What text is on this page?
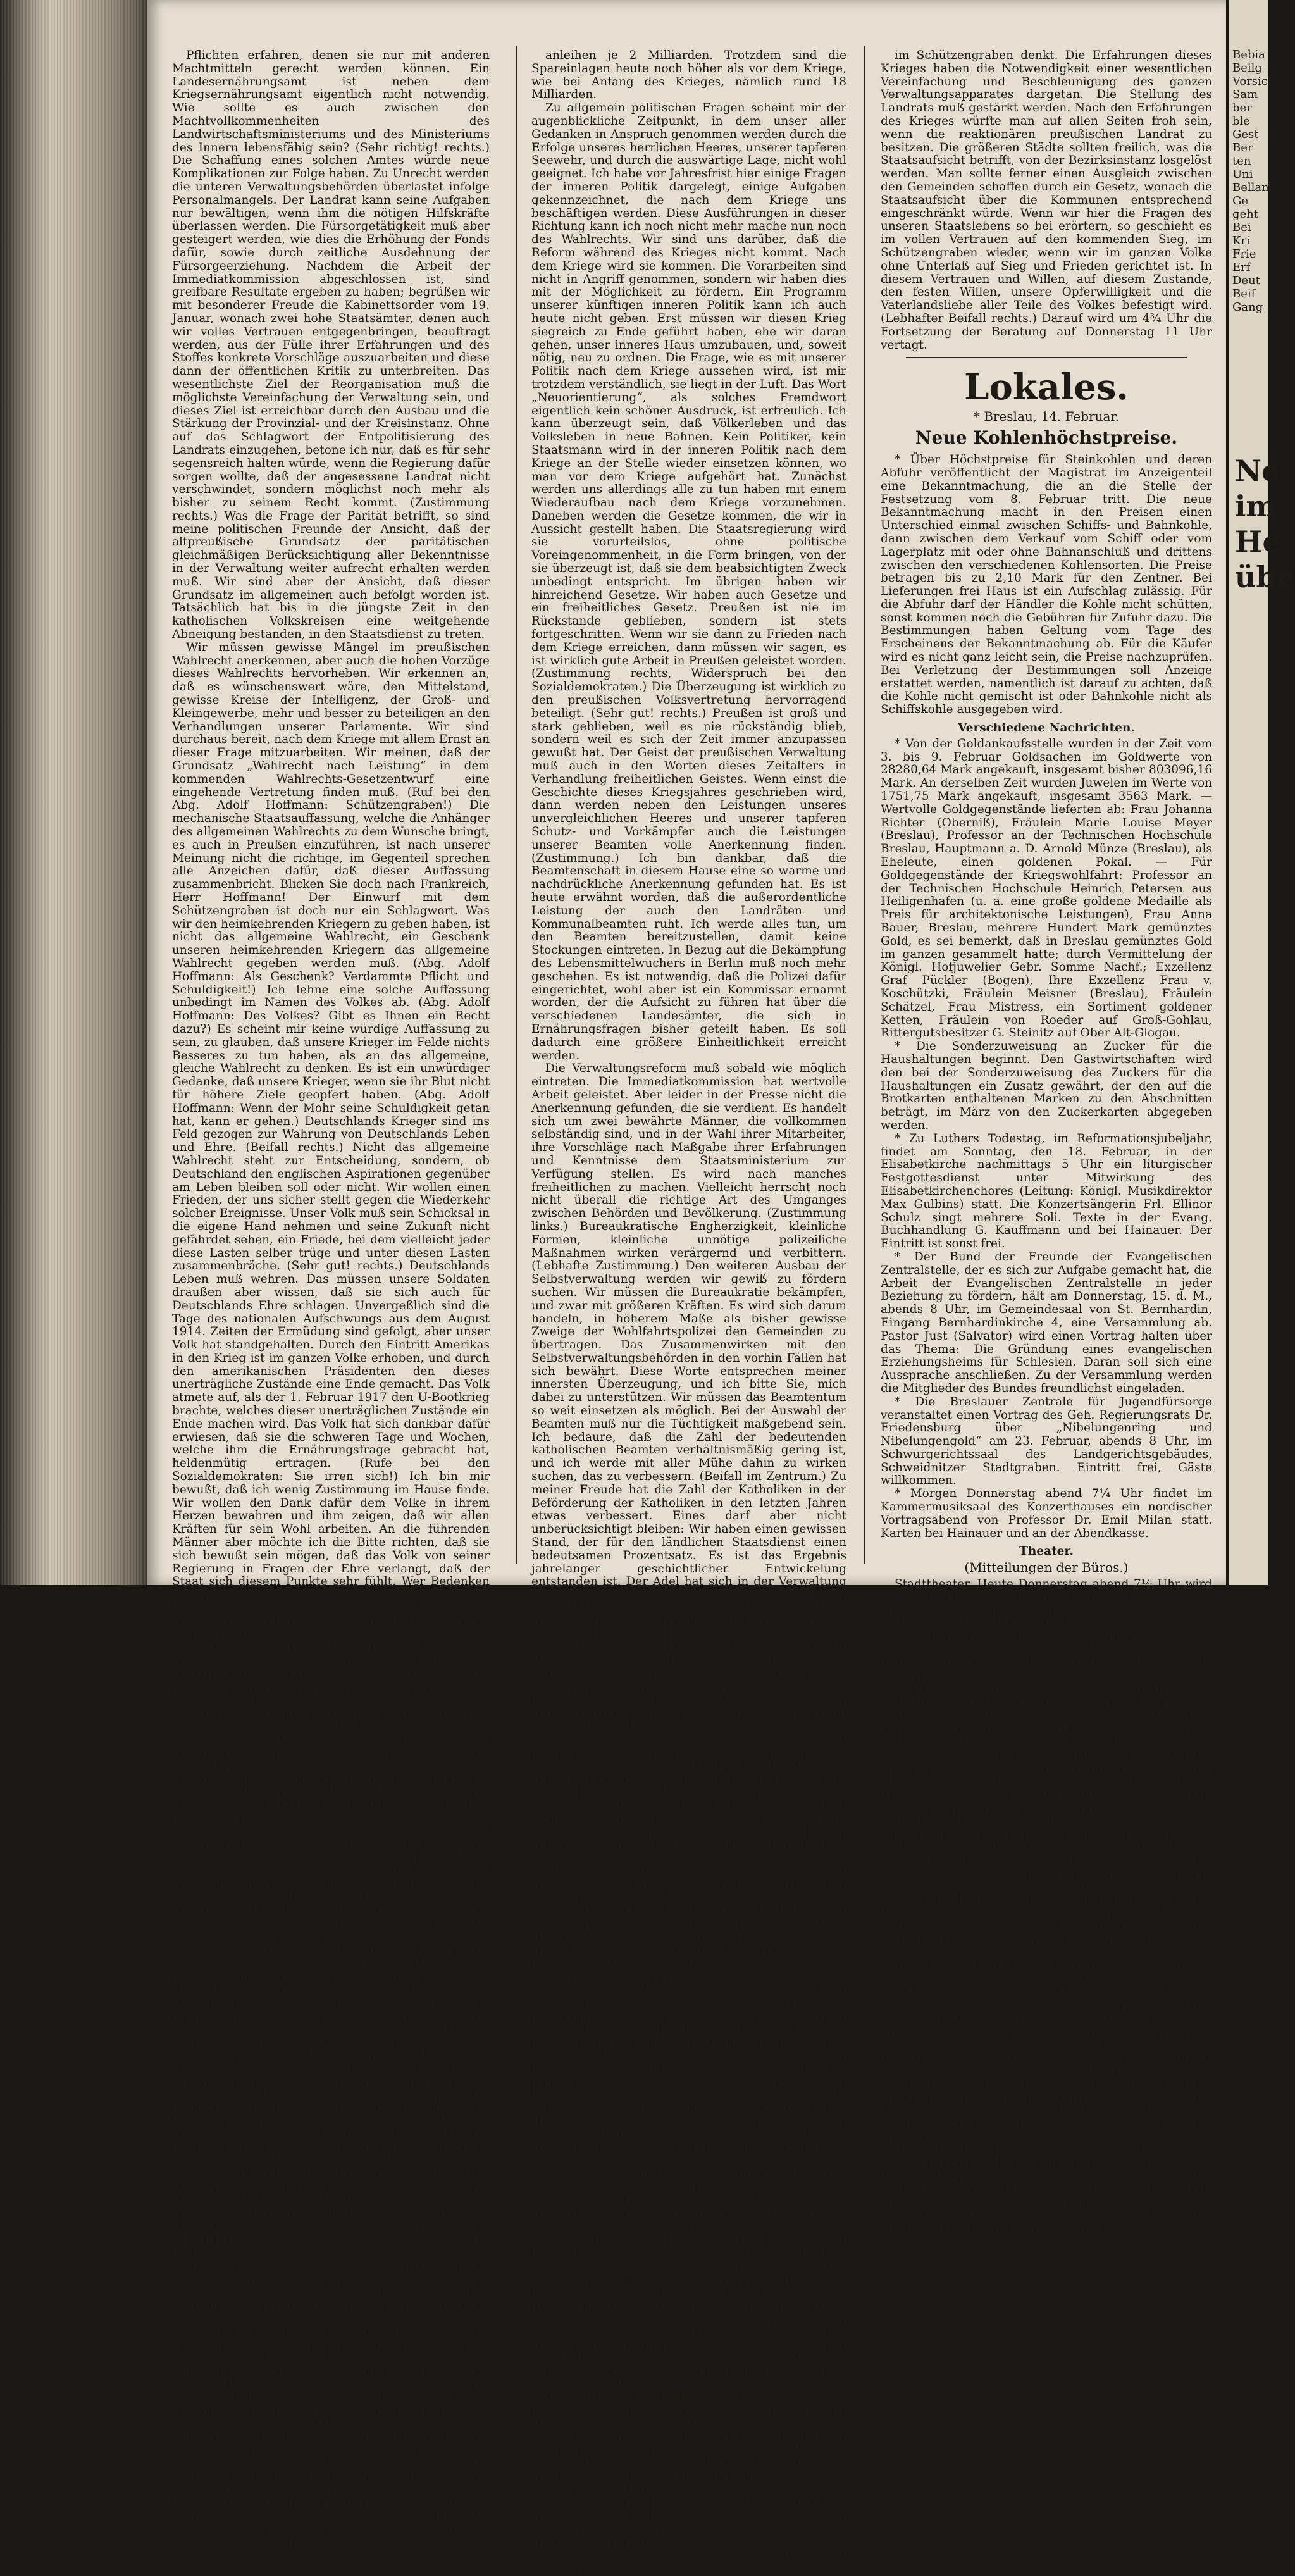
Pflichten erfahren, denen sie nur mit anderen Machtmitteln gerecht werden können. Ein Landesernährungsamt ist neben dem Kriegsernährungsamt eigentlich nicht notwendig. Wie sollte es auch zwischen den Machtvollkommenheiten des Landwirtschaftsministeriums und des Ministeriums des Innern lebensfähig sein? (Sehr richtig! rechts.) Die Schaffung eines solchen Amtes würde neue Komplikationen zur Folge haben. Zu Unrecht werden die unteren Verwaltungsbehörden überlastet infolge Personalmangels. Der Landrat kann seine Aufgaben nur bewältigen, wenn ihm die nötigen Hilfskräfte überlassen werden. Die Fürsorgetätigkeit muß aber gesteigert werden, wie dies die Erhöhung der Fonds dafür, sowie durch zeitliche Ausdehnung der Fürsorgeerziehung. Nachdem die Arbeit der Immediatkommission abgeschlossen ist, sind greifbare Resultate ergeben zu haben; begrüßen wir mit besonderer Freude die Kabinettsorder vom 19. Januar, wonach zwei hohe Staatsämter, denen auch wir volles Vertrauen entgegenbringen, beauftragt werden, aus der Fülle ihrer Erfahrungen und des Stoffes konkrete Vorschläge auszuarbeiten und diese dann der öffentlichen Kritik zu unterbreiten. Das wesentlichste Ziel der Reorganisation muß die möglichste Vereinfachung der Verwaltung sein, und dieses Ziel ist erreichbar durch den Ausbau und die Stärkung der Provinzial- und der Kreisinstanz. Ohne auf das Schlagwort der Entpolitisierung des Landrats einzugehen, betone ich nur, daß es für sehr segensreich halten würde, wenn die Regierung dafür sorgen wollte, daß der angesessene Landrat nicht verschwindet, sondern möglichst noch mehr als bisher zu seinem Recht kommt. (Zustimmung rechts.) Was die Frage der Parität betrifft, so sind meine politischen Freunde der Ansicht, daß der altpreußische Grundsatz der paritätischen gleichmäßigen Berücksichtigung aller Bekenntnisse in der Verwaltung weiter aufrecht erhalten werden muß. Wir sind aber der Ansicht, daß dieser Grundsatz im allgemeinen auch befolgt worden ist. Tatsächlich hat bis in die jüngste Zeit in den katholischen Volkskreisen eine weitgehende Abneigung bestanden, in den Staatsdienst zu treten.

Wir müssen gewisse Mängel im preußischen Wahlrecht anerkennen, aber auch die hohen Vorzüge dieses Wahlrechts hervorheben. Wir erkennen an, daß es wünschenswert wäre, den Mittelstand, gewisse Kreise der Intelligenz, der Groß- und Kleingewerbe, mehr und besser zu beteiligen an den Verhandlungen unserer Parlamente. Wir sind durchaus bereit, nach dem Kriege mit allem Ernst an dieser Frage mitzuarbeiten. Wir meinen, daß der Grundsatz „Wahlrecht nach Leistung“ in dem kommenden Wahlrechts-Gesetzentwurf eine eingehende Vertretung finden muß. (Ruf bei den Abg. Adolf Hoffmann: Schützengraben!) Die mechanische Staatsauffassung, welche die Anhänger des allgemeinen Wahlrechts zu dem Wunsche bringt, es auch in Preußen einzuführen, ist nach unserer Meinung nicht die richtige, im Gegenteil sprechen alle Anzeichen dafür, daß dieser Auffassung zusammenbricht. Blicken Sie doch nach Frankreich, Herr Hoffmann! Der Einwurf mit dem Schützengraben ist doch nur ein Schlagwort. Was wir den heimkehrenden Kriegern zu geben haben, ist nicht das allgemeine Wahlrecht, ein Geschenk unseren heimkehrenden Kriegern das allgemeine Wahlrecht gegeben werden muß. (Abg. Adolf Hoffmann: Als Geschenk? Verdammte Pflicht und Schuldigkeit!) Ich lehne eine solche Auffassung unbedingt im Namen des Volkes ab. (Abg. Adolf Hoffmann: Des Volkes? Gibt es Ihnen ein Recht dazu?) Es scheint mir keine würdige Auffassung zu sein, zu glauben, daß unsere Krieger im Felde nichts Besseres zu tun haben, als an das allgemeine, gleiche Wahlrecht zu denken. Es ist ein unwürdiger Gedanke, daß unsere Krieger, wenn sie ihr Blut nicht für höhere Ziele geopfert haben. (Abg. Adolf Hoffmann: Wenn der Mohr seine Schuldigkeit getan hat, kann er gehen.) Deutschlands Krieger sind ins Feld gezogen zur Wahrung von Deutschlands Leben und Ehre. (Beifall rechts.) Nicht das allgemeine Wahlrecht steht zur Entscheidung, sondern, ob Deutschland den englischen Aspirationen gegenüber am Leben bleiben soll oder nicht. Wir wollen einen Frieden, der uns sicher stellt gegen die Wiederkehr solcher Ereignisse. Unser Volk muß sein Schicksal in die eigene Hand nehmen und seine Zukunft nicht gefährdet sehen, ein Friede, bei dem vielleicht jeder diese Lasten selber trüge und unter diesen Lasten zusammenbräche. (Sehr gut! rechts.) Deutschlands Leben muß wehren. Das müssen unsere Soldaten draußen aber wissen, daß sie sich auch für Deutschlands Ehre schlagen. Unvergeßlich sind die Tage des nationalen Aufschwungs aus dem August 1914. Zeiten der Ermüdung sind gefolgt, aber unser Volk hat standgehalten. Durch den Eintritt Amerikas in den Krieg ist im ganzen Volke erhoben, und durch den amerikanischen Präsidenten den dieses unerträgliche Zustände eine Ende gemacht. Das Volk atmete auf, als der 1. Februar 1917 den U-Bootkrieg brachte, welches dieser unerträglichen Zustände ein Ende machen wird. Das Volk hat sich dankbar dafür erwiesen, daß sie die schweren Tage und Wochen, welche ihm die Ernährungsfrage gebracht hat, heldenmütig ertragen. (Rufe bei den Sozialdemokraten: Sie irren sich!) Ich bin mir bewußt, daß ich wenig Zustimmung im Hause finde. Wir wollen den Dank dafür dem Volke in ihrem Herzen bewahren und ihm zeigen, daß wir allen Kräften für sein Wohl arbeiten. An die führenden Männer aber möchte ich die Bitte richten, daß sie sich bewußt sein mögen, daß das Volk von seiner Regierung in Fragen der Ehre verlangt, daß der Staat sich diesem Punkte sehr fühlt. Wer Bedenken hat gegen einen Staatsmann, der den höchsten Begriffen von deutscher und preußischer Ehre in den gegenwärtigen Streitfragen nicht Rechnung trägt. Heil dem Staatsmann, der bereit ist, über die Schwierigkeiten der Stunde hinaus mit festem, unbeirrbarem Griff das Nötige zu tun, um Preußens und Deutschlands Ehre zu wahren, und mit aller Energie dem Volke den Sieg zu bringen, er wird Vertrauen haben und an allen Opfern Anspruch haben. Der Staatsmann, der dies gelingt, wird auch das größte Gut erwerben, das der Staat zu vergeben hat: das Vertrauen des Volkes. Vertrauen kann nicht in einem Augenblick erzeugt werden. Wenn den berechtigten Anforderungen des Volkes Rechnung getragen wird in der entscheidenden Stunde, der wird stets Vertrauen und wird Deutschland einer glücklichen Zukunft entgegenführen. (Lebhafter Beifall rechts.)

Minister des Innern von Loebell: Die Kriegsarbeit ist getragen von der zwingenden Notwendigkeit, daß jeder an seinem Teil mit dazu beitrage, diesen Krieg zu einem unserer Wohlfahrt und Sicherheit gewährleistenden Abschluß zu bringen. Es waren manche einschneidende Anordnungen notwendig, die die persönliche Freiheit vielfach beschränken. Wir haben dabei natürlich nach Möglichkeit den Verhältnissen der Erwerbstände Rechnung getragen. Auch jetzt sind wiederum neue Anordnungen notwendig geworden mit Rücksicht auf die Erschwerung der Kohlennot. Nachdem solche Maßnahmen immer in weiteren Kreisen sie unvermeidlich waren. Für das Theater- und Kinowesen sind einschneidende Zensurbestimmungen erlassen. Die dabei befolgten Grundsätze haben sich bewährt. Doch ist Theaterzensur ein wirkt hat, ein wirkt hat, ist die große Zahl der in Berlin verbotenen Stücke. Gegen das Plakatunwesen ist mit Erfolg eingeschritten worden. Sollte es auf dem Wege der Reichsgesetzgebung nicht gelingen, die Kino-Unternehmungen der Konzessionspflicht zu unterwerfen, so wird man den Weg der Reichsverordnung oder durch Polizeiverordnung oder durch Landesgesetz einschreiten können. Was das Berliner Leben anbetrifft, so hat man vielfach in der Kommission darüber geklagt, daß die Auswüchse unter der Berliner Bevölkerung in der Presse stark übertrieben sind. Die Berliner Bevölkerung hat sich dem Ernste der Zeit in ihrem Verhalten würdig angepaßt. Wir können die Auswüchse nicht der Berliner Bevölkerung zur Last legen, sondern vielfach den dielen Fremden, die sich in Berlin aufhalten. Durch Verordnung des Bundesrats ist ein allgemeiner Zusammenbruch des Hausbesitzes verhindert worden. Die Bundesratsverordnung, welche vor dem Kriege erlassen worden ist, hat sich bewährt. Der Richter wird es unter allen Umständen erhalten. Das Mietseinigungsamt muß, wenn sie notwendig sind, eine Stundung aussprechen. Es empfiehlt sich diese Gesetz befristet zu erlassen. Was die Hypothekennot angeht, so haben wir es hier zu tun mit Personen, die nicht durch das Gesetz geschützt sind; diese müssen wir durch Kredit zu helfen suchen; Realkredits lassen mir nach Kräften angelegen sein. Man hat darüber beklagt, daß die Mieteeinnahmen der Gemeinden abhängig gemacht worden sind von dem Mietsnachlaß der Grundbesitzer. Ich glaube nicht, daß in den Gemeinden nicht auf diesem Wege vor dieser Forderung Abstand genommen wird. Auf unsere Sparkassen können wir stolz sein: 8,7 Milliarden haben sie für die Kriegsanleihen gezeichnet, für die beiden letzten Kriegs-

anleihen je 2 Milliarden. Trotzdem sind die Spareinlagen heute noch höher als vor dem Kriege, wie bei Anfang des Krieges, nämlich rund 18 Milliarden.

Zu allgemein politischen Fragen scheint mir der augenblickliche Zeitpunkt, in dem unser aller Gedanken in Anspruch genommen werden durch die Erfolge unseres herrlichen Heeres, unserer tapferen Seewehr, und durch die auswärtige Lage, nicht wohl geeignet. Ich habe vor Jahresfrist hier einige Fragen der inneren Politik dargelegt, einige Aufgaben gekennzeichnet, die nach dem Kriege uns beschäftigen werden. Diese Ausführungen in dieser Richtung kann ich noch nicht mehr mache nun noch des Wahlrechts. Wir sind uns darüber, daß die Reform während des Krieges nicht kommt. Nach dem Kriege wird sie kommen. Die Vorarbeiten sind nicht in Angriff genommen, sondern wir haben dies mit der Möglichkeit zu fördern. Ein Programm unserer künftigen inneren Politik kann ich auch heute nicht geben. Erst müssen wir diesen Krieg siegreich zu Ende geführt haben, ehe wir daran gehen, unser inneres Haus umzubauen, und, soweit nötig, neu zu ordnen. Die Frage, wie es mit unserer Politik nach dem Kriege aussehen wird, ist mir trotzdem verständlich, sie liegt in der Luft. Das Wort „Neuorientierung“, als solches Fremdwort eigentlich kein schöner Ausdruck, ist erfreulich. Ich kann überzeugt sein, daß Völkerleben und das Volksleben in neue Bahnen. Kein Politiker, kein Staatsmann wird in der inneren Politik nach dem Kriege an der Stelle wieder einsetzen können, wo man vor dem Kriege aufgehört hat. Zunächst werden uns allerdings alle zu tun haben mit einem Wiederaufbau nach dem Kriege vorzunehmen. Daneben werden die Gesetze kommen, die wir in Aussicht gestellt haben. Die Staatsregierung wird sie vorurteilslos, ohne politische Voreingenommenheit, in die Form bringen, von der sie überzeugt ist, daß sie dem beabsichtigten Zweck unbedingt entspricht. Im übrigen haben wir hinreichend Gesetze. Wir haben auch Gesetze und ein freiheitliches Gesetz. Preußen ist nie im Rückstande geblieben, sondern ist stets fortgeschritten. Wenn wir sie dann zu Frieden nach dem Kriege erreichen, dann müssen wir sagen, es ist wirklich gute Arbeit in Preußen geleistet worden. (Zustimmung rechts, Widerspruch bei den Sozialdemokraten.) Die Überzeugung ist wirklich zu den preußischen Volksvertretung hervorragend beteiligt. (Sehr gut! rechts.) Preußen ist groß und stark geblieben, weil es nie rückständig blieb, sondern weil es sich der Zeit immer anzupassen gewußt hat. Der Geist der preußischen Verwaltung muß auch in den Worten dieses Zeitalters in Verhandlung freiheitlichen Geistes. Wenn einst die Geschichte dieses Kriegsjahres geschrieben wird, dann werden neben den Leistungen unseres unvergleichlichen Heeres und unserer tapferen Schutz- und Vorkämpfer auch die Leistungen unserer Beamten volle Anerkennung finden. (Zustimmung.) Ich bin dankbar, daß die Beamtenschaft in diesem Hause eine so warme und nachdrückliche Anerkennung gefunden hat. Es ist heute erwähnt worden, daß die außerordentliche Leistung der auch den Landräten und Kommunalbeamten ruht. Ich werde alles tun, um den Beamten bereitzustellen, damit keine Stockungen eintreten. In Bezug auf die Bekämpfung des Lebensmittelwuchers in Berlin muß noch mehr geschehen. Es ist notwendig, daß die Polizei dafür eingerichtet, wohl aber ist ein Kommissar ernannt worden, der die Aufsicht zu führen hat über die verschiedenen Landesämter, die sich in Ernährungsfragen bisher geteilt haben. Es soll dadurch eine größere Einheitlichkeit erreicht werden.

Die Verwaltungsreform muß sobald wie möglich eintreten. Die Immediatkommission hat wertvolle Arbeit geleistet. Aber leider in der Presse nicht die Anerkennung gefunden, die sie verdient. Es handelt sich um zwei bewährte Männer, die vollkommen selbständig sind, und in der Wahl ihrer Mitarbeiter, ihre Vorschläge nach Maßgabe ihrer Erfahrungen und Kenntnisse dem Staatsministerium zur Verfügung stellen. Es wird nach manches freiheitlichen zu machen. Vielleicht herrscht noch nicht überall die richtige Art des Umganges zwischen Behörden und Bevölkerung. (Zustimmung links.) Bureaukratische Engherzigkeit, kleinliche Formen, kleinliche unnötige polizeiliche Maßnahmen wirken verärgernd und verbittern. (Lebhafte Zustimmung.) Den weiteren Ausbau der Selbstverwaltung werden wir gewiß zu fördern suchen. Wir müssen die Bureaukratie bekämpfen, und zwar mit größeren Kräften. Es wird sich darum handeln, in höherem Maße als bisher gewisse Zweige der Wohlfahrtspolizei den Gemeinden zu übertragen. Das Zusammenwirken mit den Selbstverwaltungsbehörden in den vorhin Fällen hat sich bewährt. Diese Worte entsprechen meiner innersten Überzeugung, und ich bitte Sie, mich dabei zu unterstützen. Wir müssen das Beamtentum so weit einsetzen als möglich. Bei der Auswahl der Beamten muß nur die Tüchtigkeit maßgebend sein. Ich bedaure, daß die Zahl der bedeutenden katholischen Beamten verhältnismäßig gering ist, und ich werde mit aller Mühe dahin zu wirken suchen, das zu verbessern. (Beifall im Zentrum.) Zu meiner Freude hat die Zahl der Katholiken in der Beförderung der Katholiken in den letzten Jahren etwas verbessert. Eines darf aber nicht unberücksichtigt bleiben: Wir haben einen gewissen Stand, der für den ländlichen Staatsdienst einen bedeutsamen Prozentsatz. Es ist das Ergebnis jahrelanger geschichtlicher Entwickelung entstanden ist. Der Adel hat sich in der Verwaltung ausgezeichnet bewährt. Ein großer Anzahl von Verwaltungsbeamten rekrutiert sich aus Familien, die seit Jahrhunderten dem Staate Beamte geliefert haben. Aber trotzdem bleibt bestehen, daß vorurteilslose Gerechtigkeit walten muß, daß bei der Auswahl lediglich die Tüchtigkeit die maßgebende Grundlage sein muß. Man muß mit Gefühl der Dankbarkeit auf das preußische Beamtentum sehen, daß preußischen Staatseinrichtungen in den gewaltigen Stürmer der Zeit so glänzend bewährt haben. Wir können stolz sein auf das, was sie vor dem Kriege vorher im Frieden, was sie im Kriege geleistet. Das, was unsere ganze Welt im Widerstand leisten läßt. Die diejenigen Kräfte sein müssen, die für die Zukunft vorbehalten werden. Wenn die Erfahrungen dieses Krieges eine größere Zukunft wirken werden, dann wird die preußische Staatsverwaltung das hohe Werk unserer preußischen und deutschen monarchischen Staatseinrichtungen hervorbringen. Das hochherzige Friedensangebot der Zentralmächte ist von unseren Feinden in unerhörter Form und kaum glaublicher Verblendung zurückgewiesen worden. Die Antwort des Kaisers sprach über das deutsche Volk, und durch den Aufruf unseres Kaisers an den Armeebefehl und was das deutsche Volk. Das deutsche Volk wird der Mahnung des Kaisers folgen und wird ihm folgen. Unsere Feinde sind jetzt zu erkennen, daß wir Deutsche sind. (Lebhafter Beifall.)

Abg. Frhr. v. Zedlitz (freikons.): Wenn im nächsten Wirtschaftsjahre eine andere Preispolitik zur Durchführung gelangt, die nicht von dem Wirtschaftsgesetze die Tendenz bestimmt ist, die Preise niedrig zu halten, so werden wir einen Schritt vorwärts gekommen sein. Wir müssen nunmehr den Preis festsetzen für die Kriegswirtschaft. Die Einrichtung eines preußischen Ernährungskommissars für die Kriegswirtschaft halten wir für sehr zweckmäßig. Wir gedenken, daß dieser neue Einrichtung der Einheit, in den Verfassung und in die innere Zusammenwirkung mit den Formen der Verfassung liegt. Mit der Kriegszeit abschließend, der des in den Stand setzt, den Krieg siegreich zu beendigen. Wenn von liberaler Seite jetzt im Reiche die Änderung eines parlamentarischen Systems verlangt wird, so müssen wir uns dagegen aufs entschiedenste wehren. Ich glaube aber, daß die Regierung von der Frage einer Verfassungsänderung, die durch 50 Jahre bewährte Erbe Bismarcks nicht aufgeben. Gerade wenn man den preußischen Einfluß schwächen würde, so würde man den Einfluß des Reiches schwächen. Deutschland würde dann in der Hauptsache ein Großpreußen sein. Ein solches Vorgehen würde dem Sinne der Reichsverfassung widersprechen. Die Äußerungen des Abg. Korfanty mit den Generalkommandos bei den Bundesstaaten schädigt werden. Solche Äußerungen jedenfalls mit äußerster Vorsicht und können in diesem Sinne nicht zur Wahrheit. Die Neuordnung der Wahlrechtsfrage kann auf keinen Fall während der Kriegszeit erfolgen. Sie muß und wird aber nach dem Kriege kommen, und ganz sicher sehr schwer zu lösen. Wir haben bei unserem Programm so ein Programm, neue, große Aufgaben und Bedürfnisse angezeigt sein. Die Kulturaufgaben, die der preußische Staat zu erfüllen hat, lassen sich nicht mit einer Willkür erreichen. Sie müssen wir ausüben, wie es uns zeigt. Wir sind verpflichtet, mitzuarbeiten für die Bedürfnisse. (Zuruf bei den Soz., Abg. Adolf Hoffmann.) Wir stehen für König und Vaterland in die Schanze geschlagen. Ich trage heute noch die Spuren davon an Hand und Kopf. Ich weiß, wie man

im Schützengraben denkt. Die Erfahrungen dieses Krieges haben die Notwendigkeit einer wesentlichen Vereinfachung und Beschleunigung des ganzen Verwaltungsapparates dargetan. Die Stellung des Landrats muß gestärkt werden. Nach den Erfahrungen des Krieges würfte man auf allen Seiten froh sein, wenn die reaktionären preußischen Landrat zu besitzen. Die größeren Städte sollten freilich, was die Staatsaufsicht betrifft, von der Bezirksinstanz losgelöst werden. Man sollte ferner einen Ausgleich zwischen den Gemeinden schaffen durch ein Gesetz, wonach die Staatsaufsicht über die Kommunen entsprechend eingeschränkt würde. Wenn wir hier die Fragen des unseren Staatslebens so bei erörtern, so geschieht es im vollen Vertrauen auf den kommenden Sieg, im Schützengraben wieder, wenn wir im ganzen Volke ohne Unterlaß auf Sieg und Frieden gerichtet ist. In diesem Vertrauen und Willen, auf diesem Zustande, den festen Willen, unsere Opferwilligkeit und die Vaterlandsliebe aller Teile des Volkes befestigt wird. (Lebhafter Beifall rechts.) Darauf wird um 4¾ Uhr die Fortsetzung der Beratung auf Donnerstag 11 Uhr vertagt.

Lokales.
* Breslau, 14. Februar.
Neue Kohlenhöchstpreise.

* Über Höchstpreise für Steinkohlen und deren Abfuhr veröffentlicht der Magistrat im Anzeigenteil eine Bekanntmachung, die an die Stelle der Festsetzung vom 8. Februar tritt. Die neue Bekanntmachung macht in den Preisen einen Unterschied einmal zwischen Schiffs- und Bahnkohle, dann zwischen dem Verkauf vom Schiff oder vom Lagerplatz mit oder ohne Bahnanschluß und drittens zwischen den verschiedenen Kohlensorten. Die Preise betragen bis zu 2,10 Mark für den Zentner. Bei Lieferungen frei Haus ist ein Aufschlag zulässig. Für die Abfuhr darf der Händler die Kohle nicht schütten, sonst kommen noch die Gebühren für Zufuhr dazu. Die Bestimmungen haben Geltung vom Tage des Erscheinens der Bekanntmachung ab. Für die Käufer wird es nicht ganz leicht sein, die Preise nachzuprüfen. Bei Verletzung der Bestimmungen soll Anzeige erstattet werden, namentlich ist darauf zu achten, daß die Kohle nicht gemischt ist oder Bahnkohle nicht als Schiffskohle ausgegeben wird.

Verschiedene Nachrichten.

* Von der Goldankaufsstelle wurden in der Zeit vom 3. bis 9. Februar Goldsachen im Goldwerte von 28280,64 Mark angekauft, insgesamt bisher 803096,16 Mark. An derselben Zeit wurden Juwelen im Werte von 1751,75 Mark angekauft, insgesamt 3563 Mark. — Wertvolle Goldgegenstände lieferten ab: Frau Johanna Richter (Oberniß), Fräulein Marie Louise Meyer (Breslau), Professor an der Technischen Hochschule Breslau, Hauptmann a. D. Arnold Münze (Breslau), als Eheleute, einen goldenen Pokal. — Für Goldgegenstände der Kriegswohlfahrt: Professor an der Technischen Hochschule Heinrich Petersen aus Heiligenhafen (u. a. eine große goldene Medaille als Preis für architektonische Leistungen), Frau Anna Bauer, Breslau, mehrere Hundert Mark gemünztes Gold, es sei bemerkt, daß in Breslau gemünztes Gold im ganzen gesammelt hatte; durch Vermittelung der Königl. Hofjuwelier Gebr. Somme Nachf.; Exzellenz Graf Pückler (Bogen), Ihre Exzellenz Frau v. Koschützki, Fräulein Meisner (Breslau), Fräulein Schätzel, Frau Mistress, ein Sortiment goldener Ketten, Fräulein von Roeder auf Groß-Gohlau, Rittergutsbesitzer G. Steinitz auf Ober Alt-Glogau.

* Die Sonderzuweisung an Zucker für die Haushaltungen beginnt. Den Gastwirtschaften wird den bei der Sonderzuweisung des Zuckers für die Haushaltungen ein Zusatz gewährt, der den auf die Brotkarten enthaltenen Marken zu den Abschnitten beträgt, im März von den Zuckerkarten abgegeben werden.

* Zu Luthers Todestag, im Reformationsjubeljahr, findet am Sonntag, den 18. Februar, in der Elisabetkirche nachmittags 5 Uhr ein liturgischer Festgottesdienst unter Mitwirkung des Elisabetkirchenchores (Leitung: Königl. Musikdirektor Max Gulbins) statt. Die Konzertsängerin Frl. Ellinor Schulz singt mehrere Soli. Texte in der Evang. Buchhandlung G. Kauffmann und bei Hainauer. Der Eintritt ist sonst frei.

* Der Bund der Freunde der Evangelischen Zentralstelle, der es sich zur Aufgabe gemacht hat, die Arbeit der Evangelischen Zentralstelle in jeder Beziehung zu fördern, hält am Donnerstag, 15. d. M., abends 8 Uhr, im Gemeindesaal von St. Bernhardin, Eingang Bernhardinkirche 4, eine Versammlung ab. Pastor Just (Salvator) wird einen Vortrag halten über das Thema: Die Gründung eines evangelischen Erziehungsheims für Schlesien. Daran soll sich eine Aussprache anschließen. Zu der Versammlung werden die Mitglieder des Bundes freundlichst eingeladen.

* Die Breslauer Zentrale für Jugendfürsorge veranstaltet einen Vortrag des Geh. Regierungsrats Dr. Friedensburg über „Nibelungenring und Nibelungengold“ am 23. Februar, abends 8 Uhr, im Schwurgerichtssaal des Landgerichtsgebäudes, Schweidnitzer Stadtgraben. Eintritt frei, Gäste willkommen.

* Morgen Donnerstag abend 7¼ Uhr findet im Kammermusiksaal des Konzerthauses ein nordischer Vortragsabend von Professor Dr. Emil Milan statt. Karten bei Hainauer und an der Abendkasse.

Theater.
(Mitteilungen der Büros.)

Stadttheater. Heute Donnerstag abend 7½ Uhr wird „Die Hugenotten“ gegeben. Morgen abend 7½ Uhr gelangt Verdis „Rigoletto“ und Sonnabend abend 7 Uhr „Lohengrin“ zur Aufführung. Für Sonntag abend 7 Uhr ist „Tannhäuser“ angesetzt. Montag 7½ Uhr Vereinsvorstellung „Othello“ und Dienstag abend 7½ Uhr zum ersten Male „Das höllische Gold“ von Julius Bittner.

Lobetheater. Heute abend ½ 8 Uhr zum dritten Male „Liliom“, Vorstadtlegende in sieben Bildern von Franz Molnar. Freitag abend ½ 8 Uhr zum siebenten Male Ludwig Fuldas Lustspiel „Die verlorene Tochter“. Sonnabend abend „Der Leibgardist“, Komödie in drei Akten von Franz Molnar, in welchem Gustav Hartung die Hauptrolle spielt. In den anderen Hauptrollen sind die Damen Carla Holm und Valeska Stock und die Herren Michael Bohnen und Willy Wolf beschäftigt. Der Sonntag nachmittags 3 Uhr „In weißen Rößl“.

Thaliatheater. Heute 7½ Uhr Abonnementsvorstellung Benedix' Lustspiel „Die zärtlichen Verwandten“. Freitag und Sonnabend abend „Was ihr wollt“ von Shakespeare. Sonntag nachmittag 3½ Uhr „Die Schmetterlingsschlacht“, abends „Heimat“ von Hermann Sudermann.

Schauspielhaus (Operettenbühne). Heute Donnerstag und Freitag: „Die lustigen Nibelungen“. Sonnabend: „Das Dreimäderlhaus“. Sonntag nachmittag „Die lustigen Nibelungen“, abends „Die Kaiserin“.

[Orchesterverein.] Das Frankfurter Vokalquartett, bestehend aus den Damen Emma Bellwidt, Mimi Zaller und den Herren Heinrich Kühlborn, Georg Nieratzki, das am Dienstag, den 17. Februar, im fünften Kammermusikabend des Breslauer Orchestervereins das Deutsche Volksliederspiel von Hermann bringt, wird alte, im vergangenen und gegenwärtigen Jahrhundert, Werke zu Gehör bringen. Der Zeitpunkt des Ereignisses ist ein Volksliederabend. — Im 6. Nachmittag-Symphonie-Konzert wirkt unter Leitung und unter Mitwirkung des Herrn Alfred Vog, Gesang Marie von Mozart, sowie Lieder am Klavier von Schumann und Wagner. Am Klavier Frau Käthe Strauch.

[Tauentzientheater.] Heute ist eine Verwundetenvorstellung im Tauentzientheater, die Firma hat an der Vorstellung mehr als 500 Soldaten teilnehmen. Auf einige Offiziere der Kommandantur, der für die Vorführung der Filmaufnahmen aus der Schlacht an der Somme und der Vorführung hatten ihre Freude an dem lustigen Lustspiel.

Bebia
Beilg
Vorsich
Sam
ber
ble
Gest
Ber
ten
Uni
Bellan
Ge
geht
Bei
Kri
Frie
Erf
Deut
Beif
Gang
Ne
im
He
übe
